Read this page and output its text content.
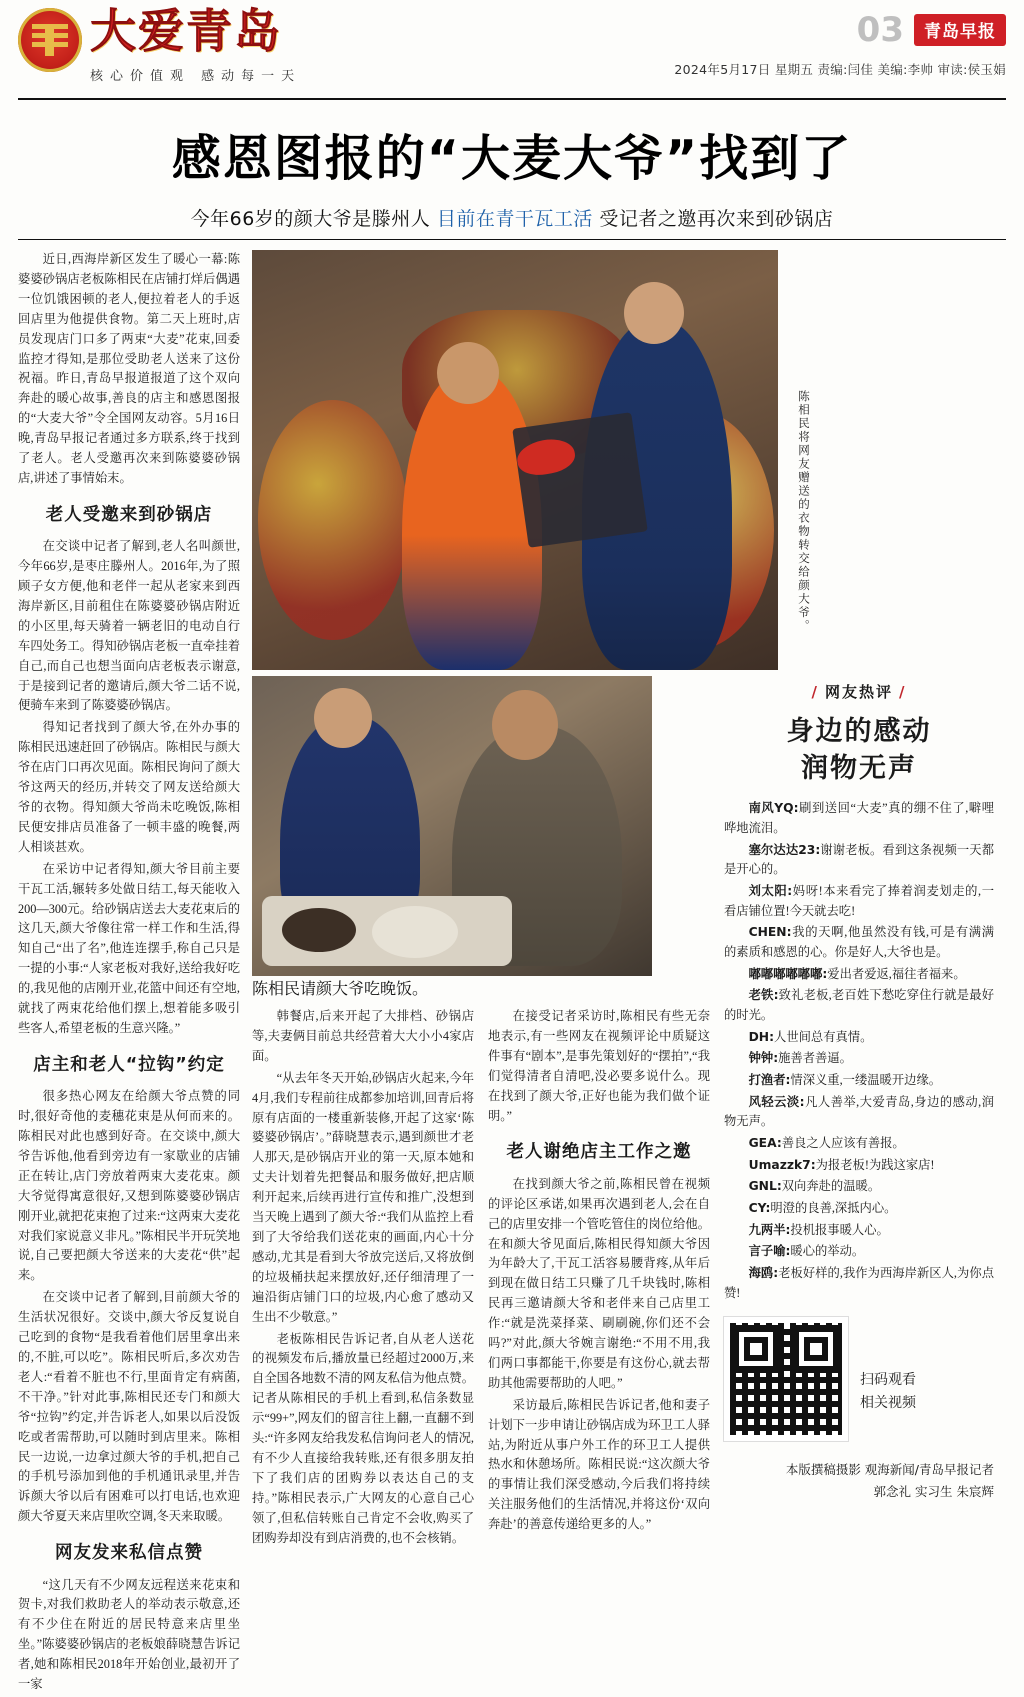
大爱青岛
核心价值观 感动每一天
03 青岛早报
2024年5月17日 星期五 责编:闫佳 美编:李帅 审读:侯玉娟
感恩图报的“大麦大爷”找到了
今年66岁的颜大爷是滕州人 目前在青干瓦工活 受记者之邀再次来到砂锅店

近日,西海岸新区发生了暖心一幕:陈婆婆砂锅店老板陈相民在店铺打烊后偶遇一位饥饿困顿的老人,便拉着老人的手返回店里为他提供食物。第二天上班时,店员发现店门口多了两束“大麦”花束,回委监控才得知,是那位受助老人送来了这份祝福。昨日,青岛早报道报道了这个双向奔赴的暖心故事,善良的店主和感恩图报的“大麦大爷”令全国网友动容。5月16日晚,青岛早报记者通过多方联系,终于找到了老人。老人受邀再次来到陈婆婆砂锅店,讲述了事情始末。

老人受邀来到砂锅店

在交谈中记者了解到,老人名叫颜世,今年66岁,是枣庄滕州人。2016年,为了照顾子女方便,他和老伴一起从老家来到西海岸新区,目前租住在陈婆婆砂锅店附近的小区里,每天骑着一辆老旧的电动自行车四处务工。得知砂锅店老板一直牵挂着自己,而自己也想当面向店老板表示谢意,于是接到记者的邀请后,颜大爷二话不说,便骑车来到了陈婆婆砂锅店。

得知记者找到了颜大爷,在外办事的陈相民迅速赶回了砂锅店。陈相民与颜大爷在店门口再次见面。陈相民询问了颜大爷这两天的经历,并转交了网友送给颜大爷的衣物。得知颜大爷尚未吃晚饭,陈相民便安排店员准备了一顿丰盛的晚餐,两人相谈甚欢。

在采访中记者得知,颜大爷目前主要干瓦工活,辗转多处做日结工,每天能收入200—300元。给砂锅店送去大麦花束后的这几天,颜大爷像往常一样工作和生活,得知自己“出了名”,他连连摆手,称自己只是一提的小事:“人家老板对我好,送给我好吃的,我见他的店刚开业,花篮中间还有空地,就找了两束花给他们摆上,想着能多吸引些客人,希望老板的生意兴隆。”

店主和老人“拉钩”约定

很多热心网友在给颜大爷点赞的同时,很好奇他的麦穗花束是从何而来的。陈相民对此也感到好奇。在交谈中,颜大爷告诉他,他看到旁边有一家歇业的店铺正在转让,店门旁放着两束大麦花束。颜大爷觉得寓意很好,又想到陈婆婆砂锅店刚开业,就把花束抱了过来:“这两束大麦花对我们家说意义非凡。”陈相民半开玩笑地说,自己要把颜大爷送来的大麦花“供”起来。

在交谈中记者了解到,目前颜大爷的生活状况很好。交谈中,颜大爷反复说自己吃到的食物“是我看着他们居里拿出来的,不脏,可以吃”。陈相民听后,多次劝告老人:“看着不脏也不行,里面肯定有病菌,不干净。”针对此事,陈相民还专门和颜大爷“拉钩”约定,并告诉老人,如果以后没饭吃或者需帮助,可以随时到店里来。陈相民一边说,一边拿过颜大爷的手机,把自己的手机号添加到他的手机通讯录里,并告诉颜大爷以后有困难可以打电话,也欢迎颜大爷夏天来店里吹空调,冬天来取暖。

网友发来私信点赞

“这几天有不少网友远程送来花束和贺卡,对我们救助老人的举动表示敬意,还有不少住在附近的居民特意来店里坐坐。”陈婆婆砂锅店的老板娘薛晓慧告诉记者,她和陈相民2018年开始创业,最初开了一家

陈相民将网友赠送的衣物转交给颜大爷。
陈相民请颜大爷吃晚饭。

韩餐店,后来开起了大排档、砂锅店等,夫妻俩目前总共经营着大大小小4家店面。

“从去年冬天开始,砂锅店火起来,今年4月,我们专程前往成都参加培训,回青后将原有店面的一楼重新装修,开起了这家‘陈婆婆砂锅店’。”薛晓慧表示,遇到颜世才老人那天,是砂锅店开业的第一天,原本她和丈夫计划着先把餐品和服务做好,把店顺利开起来,后续再进行宣传和推广,没想到当天晚上遇到了颜大爷:“我们从监控上看到了大爷给我们送花束的画面,内心十分感动,尤其是看到大爷放完送后,又将放倒的垃圾桶扶起来摆放好,还仔细清理了一遍沿街店铺门口的垃圾,内心愈了感动又生出不少敬意。”

老板陈相民告诉记者,自从老人送花的视频发布后,播放量已经超过2000万,来自全国各地数不清的网友私信为他点赞。记者从陈相民的手机上看到,私信条数显示“99+”,网友们的留言往上翻,一直翻不到头:“许多网友给我发私信询问老人的情况,有不少人直接给我转账,还有很多朋友拍下了我们店的团购券以表达自己的支持。”陈相民表示,广大网友的心意自己心领了,但私信转账自己肯定不会收,购买了团购券却没有到店消费的,也不会核销。

在接受记者采访时,陈相民有些无奈地表示,有一些网友在视频评论中质疑这件事有“剧本”,是事先策划好的“摆拍”,“我们觉得清者自清吧,没必要多说什么。现在找到了颜大爷,正好也能为我们做个证明。”

老人谢绝店主工作之邀

在找到颜大爷之前,陈相民曾在视频的评论区承诺,如果再次遇到老人,会在自己的店里安排一个管吃管住的岗位给他。在和颜大爷见面后,陈相民得知颜大爷因为年龄大了,干瓦工活容易腰背疼,从年后到现在做日结工只赚了几千块钱时,陈相民再三邀请颜大爷和老伴来自己店里工作:“就是洗菜择菜、刷刷碗,你们还不会吗?”对此,颜大爷婉言谢绝:“不用不用,我们两口事都能干,你要是有这份心,就去帮助其他需要帮助的人吧。”

采访最后,陈相民告诉记者,他和妻子计划下一步申请让砂锅店成为环卫工人驿站,为附近从事户外工作的环卫工人提供热水和休憩场所。陈相民说:“这次颜大爷的事情让我们深受感动,今后我们将持续关注服务他们的生活情况,并将这份‘双向奔赴’的善意传递给更多的人。”

/ 网友热评 /
身边的感动
润物无声

南风YQ:刷到送回“大麦”真的绷不住了,噼哩哗地流泪。

塞尔达达23:谢谢老板。看到这条视频一天都是开心的。

刘太阳:妈呀!本来看完了捧着润麦划走的,一看店铺位置!今天就去吃!

CHEN:我的天啊,他虽然没有钱,可是有满满的素质和感恩的心。你是好人,大爷也是。

嘟嘟嘟嘟嘟嘟:爱出者爱返,福往者福来。

老铁:致礼老板,老百姓下愁吃穿住行就是最好的时光。

DH:人世间总有真情。

钟钟:施善者善逼。

打渔者:情深义重,一缕温暖开边缘。

风轻云淡:凡人善举,大爱青岛,身边的感动,润物无声。

GEA:善良之人应该有善报。

Umazzk7:为报老板!为践这家店!

GNL:双向奔赴的温暖。

CY:明澄的良善,深抵内心。

九两半:投机报事暖人心。

言子喻:暖心的举动。

海鸥:老板好样的,我作为西海岸新区人,为你点赞!

扫码观看
相关视频
本版撰稿摄影 观海新闻/青岛早报记者
郭念礼 实习生 朱宸辉
